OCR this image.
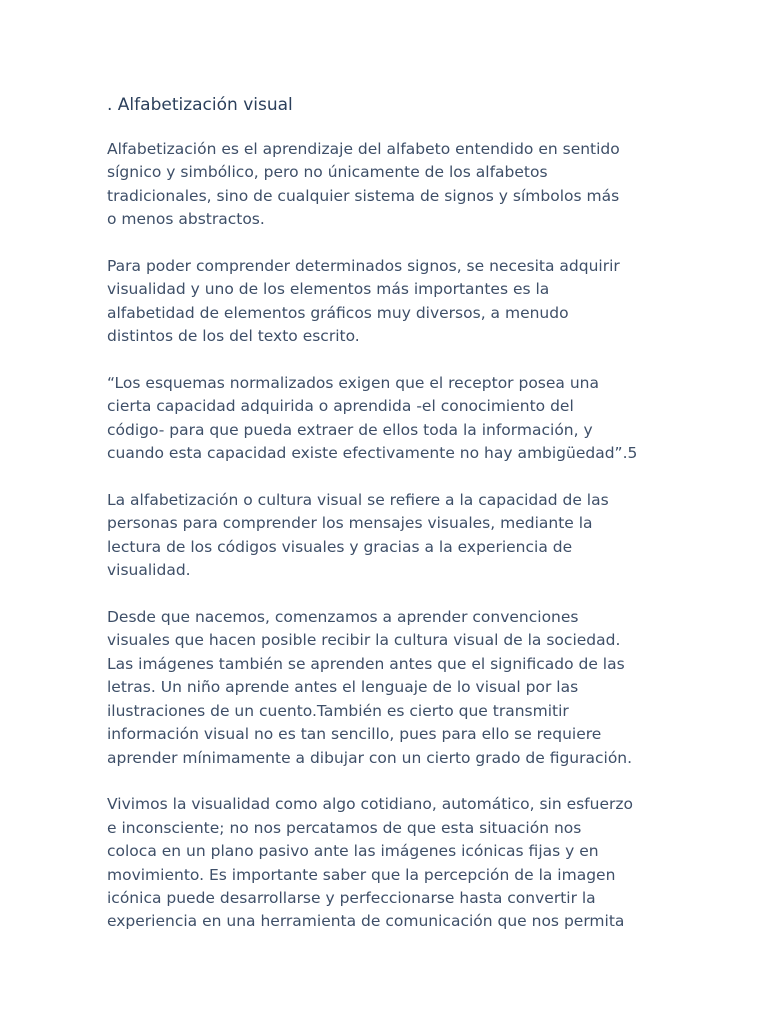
. Alfabetización visual

Alfabetización es el aprendizaje del alfabeto entendido en sentido
sígnico y simbólico, pero no únicamente de los alfabetos
tradicionales, sino de cualquier sistema de signos y símbolos más
o menos abstractos.

Para poder comprender determinados signos, se necesita adquirir
visualidad y uno de los elementos más importantes es la
alfabetidad de elementos gráficos muy diversos, a menudo
distintos de los del texto escrito.

“Los esquemas normalizados exigen que el receptor posea una
cierta capacidad adquirida o aprendida -el conocimiento del
código- para que pueda extraer de ellos toda la información, y
cuando esta capacidad existe efectivamente no hay ambigüedad”.5

La alfabetización o cultura visual se refiere a la capacidad de las
personas para comprender los mensajes visuales, mediante la
lectura de los códigos visuales y gracias a la experiencia de
visualidad.

Desde que nacemos, comenzamos a aprender convenciones
visuales que hacen posible recibir la cultura visual de la sociedad.
Las imágenes también se aprenden antes que el significado de las
letras. Un niño aprende antes el lenguaje de lo visual por las
ilustraciones de un cuento.También es cierto que transmitir
información visual no es tan sencillo, pues para ello se requiere
aprender mínimamente a dibujar con un cierto grado de figuración.

Vivimos la visualidad como algo cotidiano, automático, sin esfuerzo
e inconsciente; no nos percatamos de que esta situación nos
coloca en un plano pasivo ante las imágenes icónicas fijas y en
movimiento. Es importante saber que la percepción de la imagen
icónica puede desarrollarse y perfeccionarse hasta convertir la
experiencia en una herramienta de comunicación que nos permita
